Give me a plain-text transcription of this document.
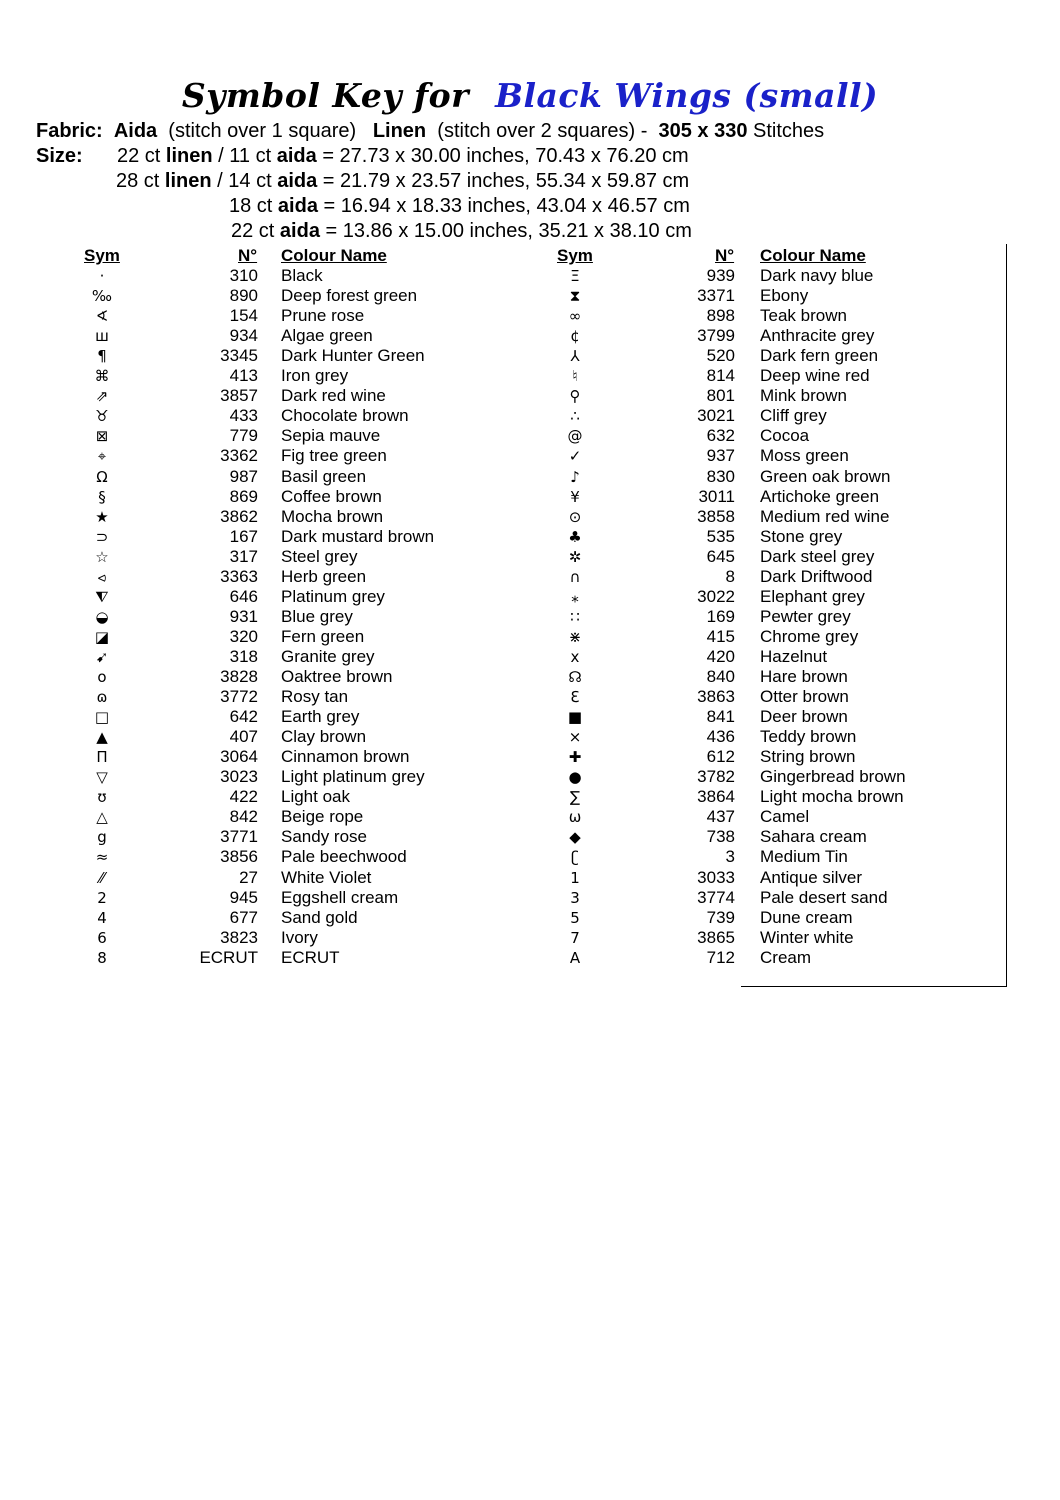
Symbol Key for Black Wings (small)
Fabric: Aida (stitch over 1 square) Linen (stitch over 2 squares) - 305 x 330 Stitches
Size: 22 ct linen / 11 ct aida = 27.73 x 30.00 inches, 70.43 x 76.20 cm
28 ct linen / 14 ct aida = 21.79 x 23.57 inches, 55.34 x 59.87 cm
18 ct aida = 16.94 x 18.33 inches, 43.04 x 46.57 cm
22 ct aida = 13.86 x 15.00 inches, 35.21 x 38.10 cm
Sym	N° Colour Name	Sym	N° Colour Name
·	310 Black
‰	890 Deep forest green
∢	154 Prune rose
ш	934 Algae green
¶	3345 Dark Hunter Green
⌘	413 Iron grey
⇗	3857 Dark red wine
♉	433 Chocolate brown
⊠	779 Sepia mauve
⌖	3362 Fig tree green
Ω	987 Basil green
§	869 Coffee brown
★	3862 Mocha brown
⊃	167 Dark mustard brown
☆	317 Steel grey
⪦	3363 Herb green
⧨	646 Platinum grey
◒	931 Blue grey
◪	320 Fern green
➹	318 Granite grey
o	3828 Oaktree brown
ɷ	3772 Rosy tan
□	642 Earth grey
▲	407 Clay brown
Π	3064 Cinnamon brown
▽	3023 Light platinum grey
ʊ	422 Light oak
△	842 Beige rope
g	3771 Sandy rose
≈	3856 Pale beechwood
⁄⁄	27 White Violet
2	945 Eggshell cream
4	677 Sand gold
6	3823 Ivory
8	ECRUT ECRUT
Ξ	939 Dark navy blue
⧗	3371 Ebony
∞	898 Teak brown
¢	3799 Anthracite grey
⅄	520 Dark fern green
♮	814 Deep wine red
⚲	801 Mink brown
∴	3021 Cliff grey
@	632 Cocoa
✓	937 Moss green
♪	830 Green oak brown
¥	3011 Artichoke green
⊙	3858 Medium red wine
♣	535 Stone grey
✲	645 Dark steel grey
∩	8 Dark Driftwood
⁎	3022 Elephant grey
∷	169 Pewter grey
⋇	415 Chrome grey
x	420 Hazelnut
☊	840 Hare brown
ℇ	3863 Otter brown
■	841 Deer brown
⨯	436 Teddy brown
✚	612 String brown
●	3782 Gingerbread brown
∑	3864 Light mocha brown
ω	437 Camel
◆	738 Sahara cream
ʗ	3 Medium Tin
1	3033 Antique silver
3	3774 Pale desert sand
5	739 Dune cream
7	3865 Winter white
A	712 Cream
